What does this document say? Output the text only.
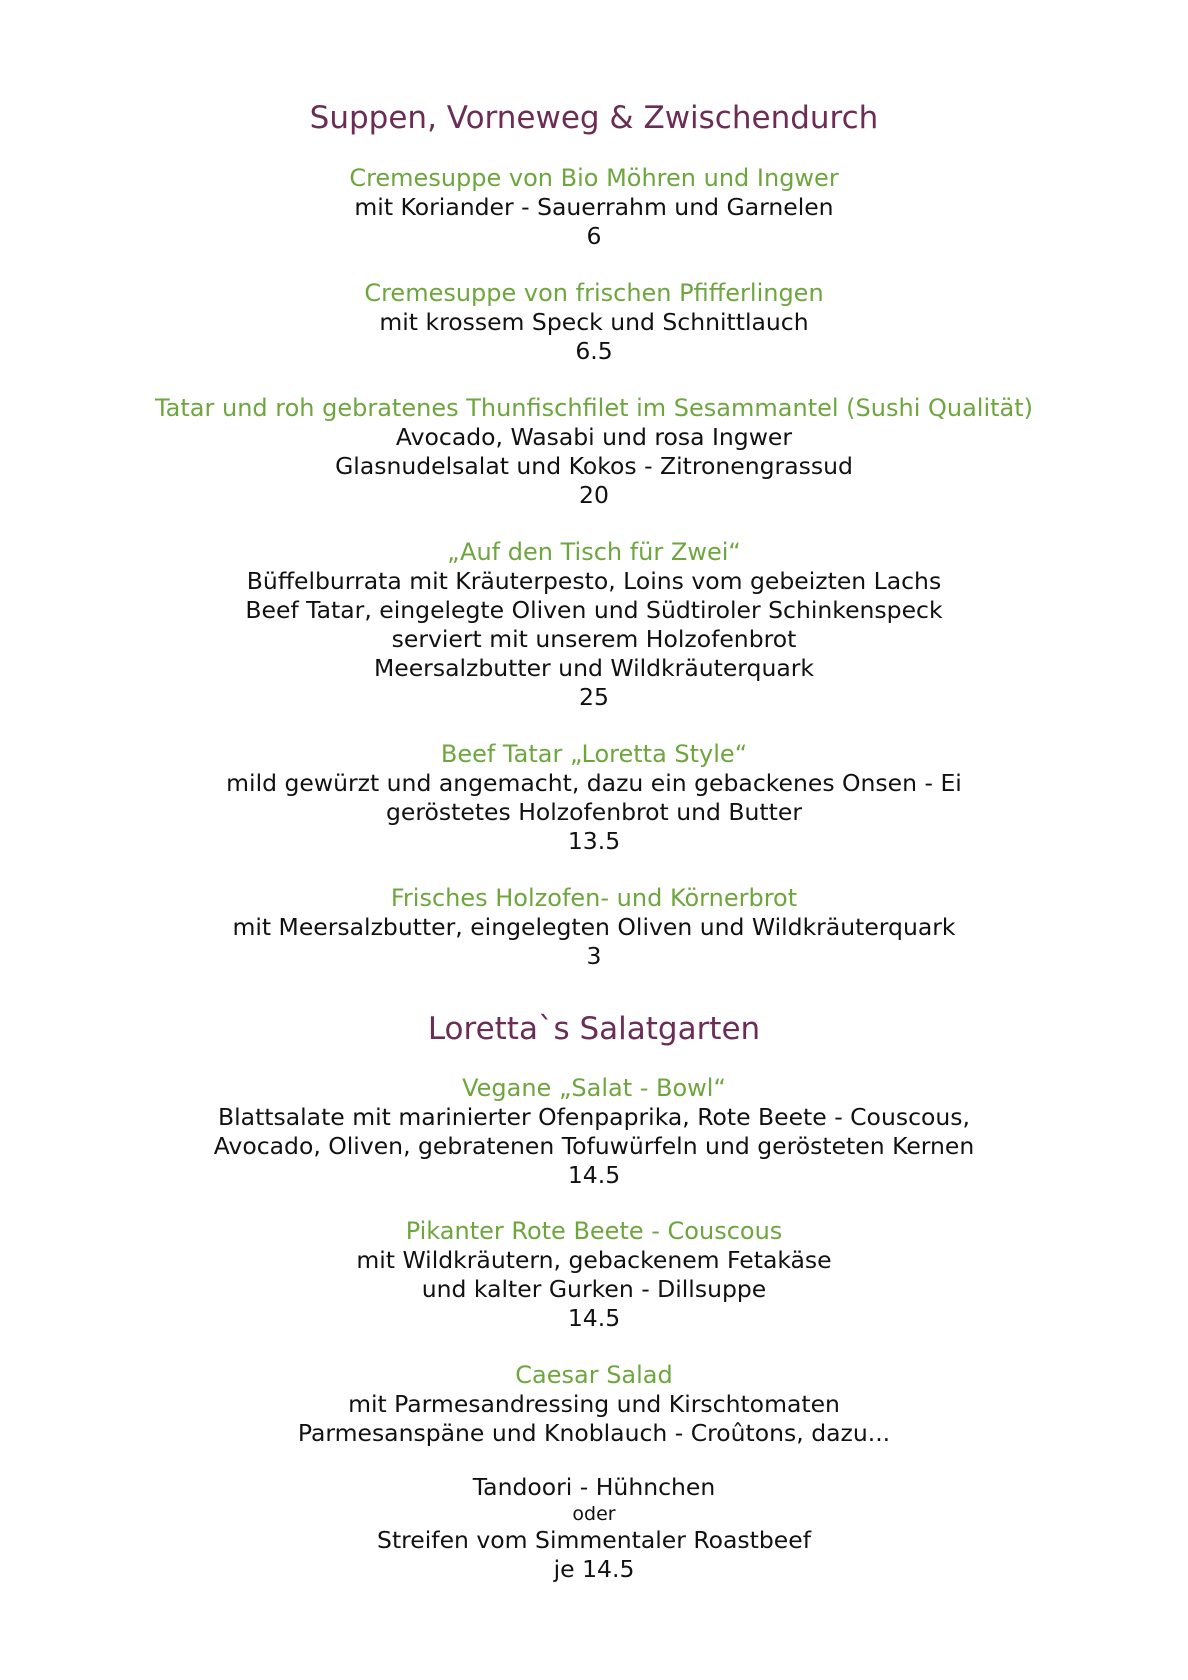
Suppen, Vorneweg & Zwischendurch
Cremesuppe von Bio Möhren und Ingwer
mit Koriander - Sauerrahm und Garnelen
6
Cremesuppe von frischen Pfifferlingen
mit krossem Speck und Schnittlauch
6.5
Tatar und roh gebratenes Thunfischfilet im Sesammantel (Sushi Qualität)
Avocado, Wasabi und rosa Ingwer
Glasnudelsalat und Kokos - Zitronengrassud
20
„Auf den Tisch für Zwei“
Büffelburrata mit Kräuterpesto, Loins vom gebeizten Lachs
Beef Tatar, eingelegte Oliven und Südtiroler Schinkenspeck
serviert mit unserem Holzofenbrot
Meersalzbutter und Wildkräuterquark
25
Beef Tatar „Loretta Style“
mild gewürzt und angemacht, dazu ein gebackenes Onsen - Ei
geröstetes Holzofenbrot und Butter
13.5
Frisches Holzofen- und Körnerbrot
mit Meersalzbutter, eingelegten Oliven und Wildkräuterquark
3
Loretta`s Salatgarten
Vegane „Salat - Bowl“
Blattsalate mit marinierter Ofenpaprika, Rote Beete - Couscous,
Avocado, Oliven, gebratenen Tofuwürfeln und gerösteten Kernen
14.5
Pikanter Rote Beete - Couscous
mit Wildkräutern, gebackenem Fetakäse
und kalter Gurken - Dillsuppe
14.5
Caesar Salad
mit Parmesandressing und Kirschtomaten
Parmesanspäne und Knoblauch - Croûtons, dazu...
Tandoori - Hühnchen
oder
Streifen vom Simmentaler Roastbeef
je 14.5
